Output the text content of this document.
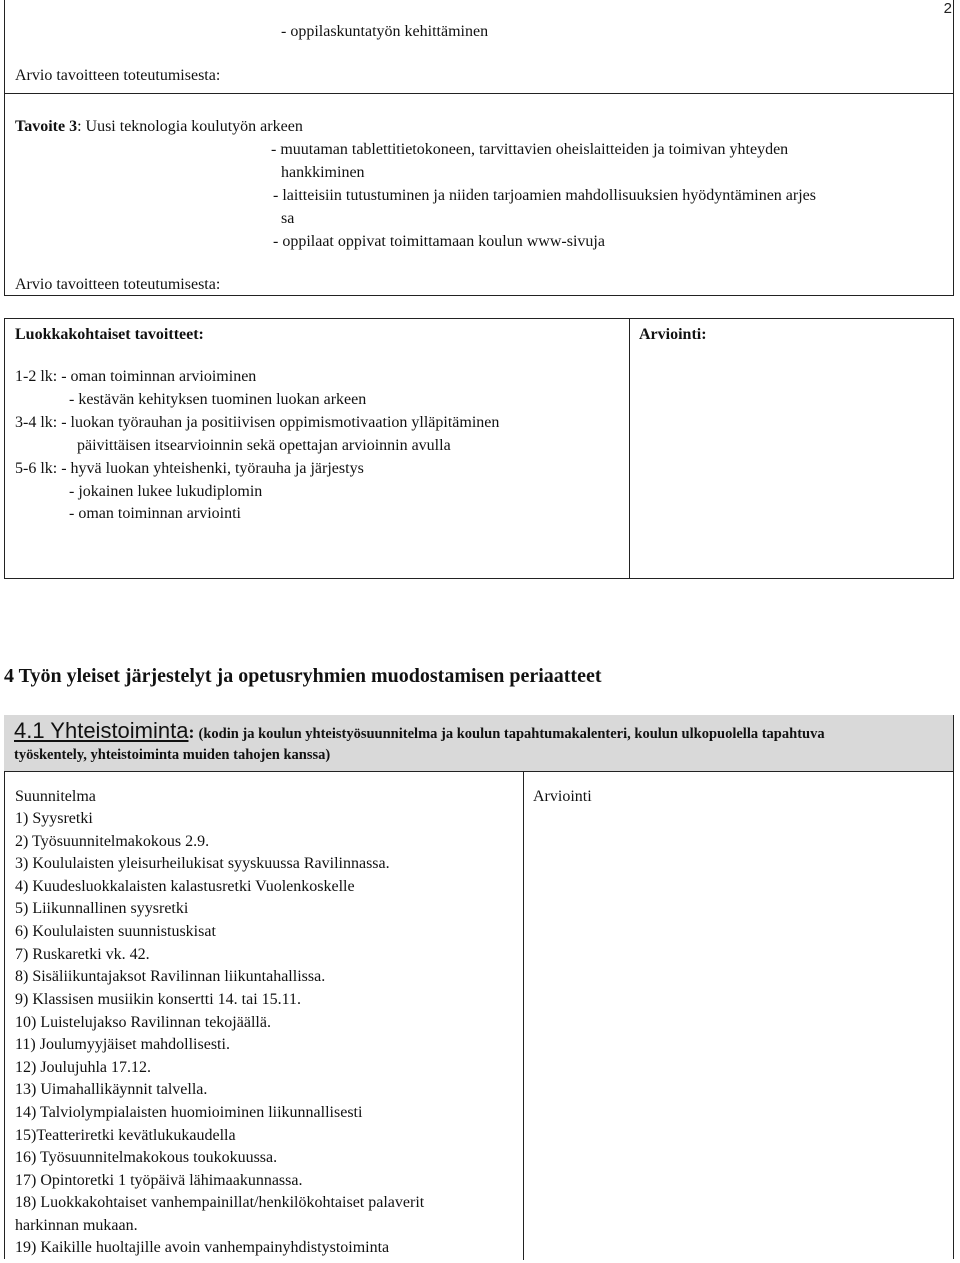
2
- oppilaskuntatyön kehittäminen
Arvio tavoitteen toteutumisesta:
Tavoite 3: Uusi teknologia koulutyön arkeen
- muutaman tablettitietokoneen, tarvittavien oheislaitteiden ja toimivan yhteyden
hankkiminen
- laitteisiin tutustuminen ja niiden tarjoamien mahdollisuuksien hyödyntäminen arjes
sa
- oppilaat oppivat toimittamaan koulun www-sivuja
Arvio tavoitteen toteutumisesta:
Luokkakohtaiset tavoitteet:	Arviointi:
1-2 lk: - oman toiminnan arvioiminen
- kestävän kehityksen tuominen luokan arkeen
3-4 lk: - luokan työrauhan ja positiivisen oppimismotivaation ylläpitäminen
päivittäisen itsearvioinnin sekä opettajan arvioinnin avulla
5-6 lk: - hyvä luokan yhteishenki, työrauha ja järjestys
- jokainen lukee lukudiplomin
- oman toiminnan arviointi
4 Työn yleiset järjestelyt ja opetusryhmien muodostamisen periaatteet
4.1 Yhteistoiminta: (kodin ja koulun yhteistyösuunnitelma ja koulun tapahtumakalenteri, koulun ulkopuolella tapahtuva
työskentely, yhteistoiminta muiden tahojen kanssa)
Suunnitelma	Arviointi
1) Syysretki
2) Työsuunnitelmakokous 2.9.
3) Koululaisten yleisurheilukisat syyskuussa Ravilinnassa.
4) Kuudesluokkalaisten kalastusretki Vuolenkoskelle
5) Liikunnallinen syysretki
6) Koululaisten suunnistuskisat
7) Ruskaretki vk. 42.
8) Sisäliikuntajaksot Ravilinnan liikuntahallissa.
9) Klassisen musiikin konsertti 14. tai 15.11.
10) Luistelujakso Ravilinnan tekojäällä.
11) Joulumyyjäiset mahdollisesti.
12) Joulujuhla 17.12.
13) Uimahallikäynnit talvella.
14) Talviolympialaisten huomioiminen liikunnallisesti
15)Teatteriretki kevätlukukaudella
16) Työsuunnitelmakokous toukokuussa.
17) Opintoretki 1 työpäivä lähimaakunnassa.
18) Luokkakohtaiset vanhempainillat/henkilökohtaiset palaverit
harkinnan mukaan.
19) Kaikille huoltajille avoin vanhempainyhdistystoiminta
